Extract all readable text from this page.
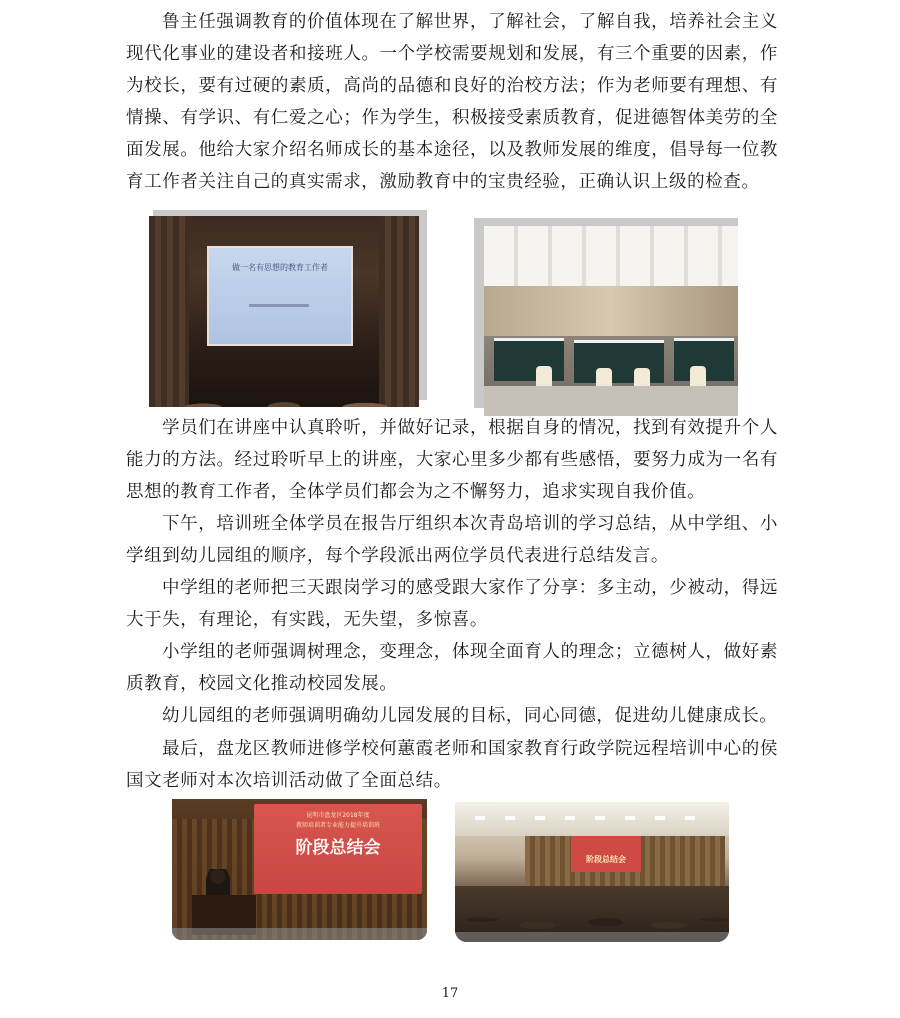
鲁主任强调教育的价值体现在了解世界，了解社会，了解自我，培养社会主义现代化事业的建设者和接班人。一个学校需要规划和发展，有三个重要的因素，作为校长，要有过硬的素质，高尚的品德和良好的治校方法；作为老师要有理想、有情操、有学识、有仁爱之心；作为学生，积极接受素质教育，促进德智体美劳的全面发展。他给大家介绍名师成长的基本途径，以及教师发展的维度，倡导每一位教育工作者关注自己的真实需求，激励教育中的宝贵经验，正确认识上级的检查。

做一名有思想的教育工作者

学员们在讲座中认真聆听，并做好记录，根据自身的情况，找到有效提升个人能力的方法。经过聆听早上的讲座，大家心里多少都有些感悟，要努力成为一名有思想的教育工作者，全体学员们都会为之不懈努力，追求实现自我价值。

下午，培训班全体学员在报告厅组织本次青岛培训的学习总结，从中学组、小学组到幼儿园组的顺序，每个学段派出两位学员代表进行总结发言。

中学组的老师把三天跟岗学习的感受跟大家作了分享：多主动，少被动，得远大于失，有理论，有实践，无失望，多惊喜。

小学组的老师强调树理念，变理念，体现全面育人的理念；立德树人，做好素质教育，校园文化推动校园发展。

幼儿园组的老师强调明确幼儿园发展的目标，同心同德，促进幼儿健康成长。

最后，盘龙区教师进修学校何蕙霞老师和国家教育行政学院远程培训中心的侯国文老师对本次培训活动做了全面总结。

昆明市盘龙区2018年度
教师培训者专业能力提升培训班
阶段总结会
阶段总结会
17
